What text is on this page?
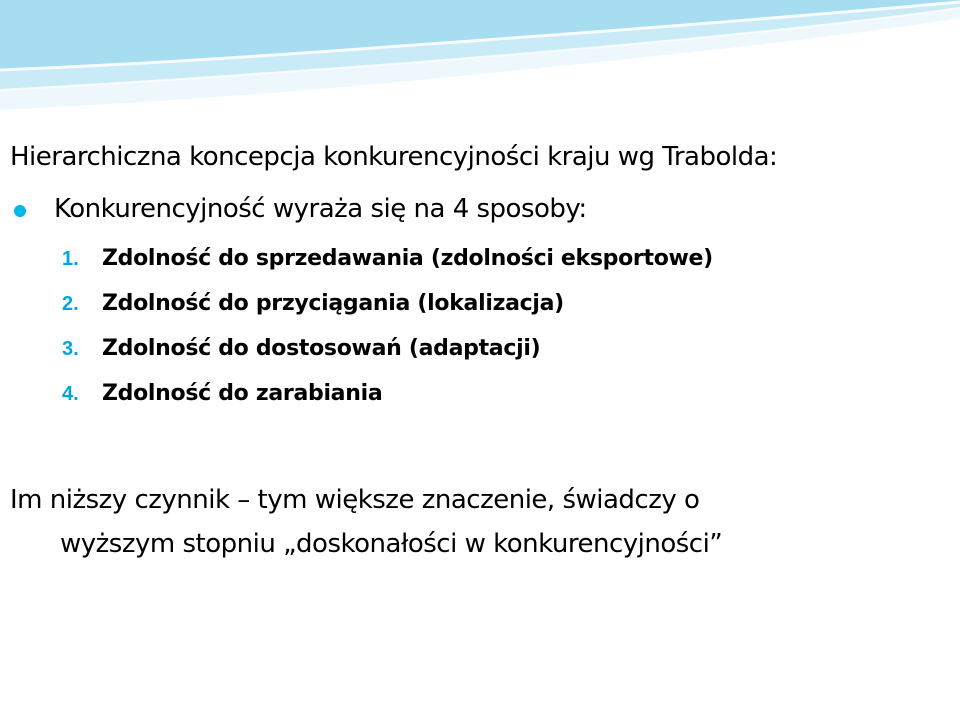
Hierarchiczna koncepcja konkurencyjności kraju wg Trabolda:
Konkurencyjność wyraża się na 4 sposoby:
1. Zdolność do sprzedawania (zdolności eksportowe)
2. Zdolność do przyciągania (lokalizacja)
3. Zdolność do dostosowań (adaptacji)
4. Zdolność do zarabiania
Im niższy czynnik – tym większe znaczenie, świadczy o
wyższym stopniu „doskonałości w konkurencyjności”
